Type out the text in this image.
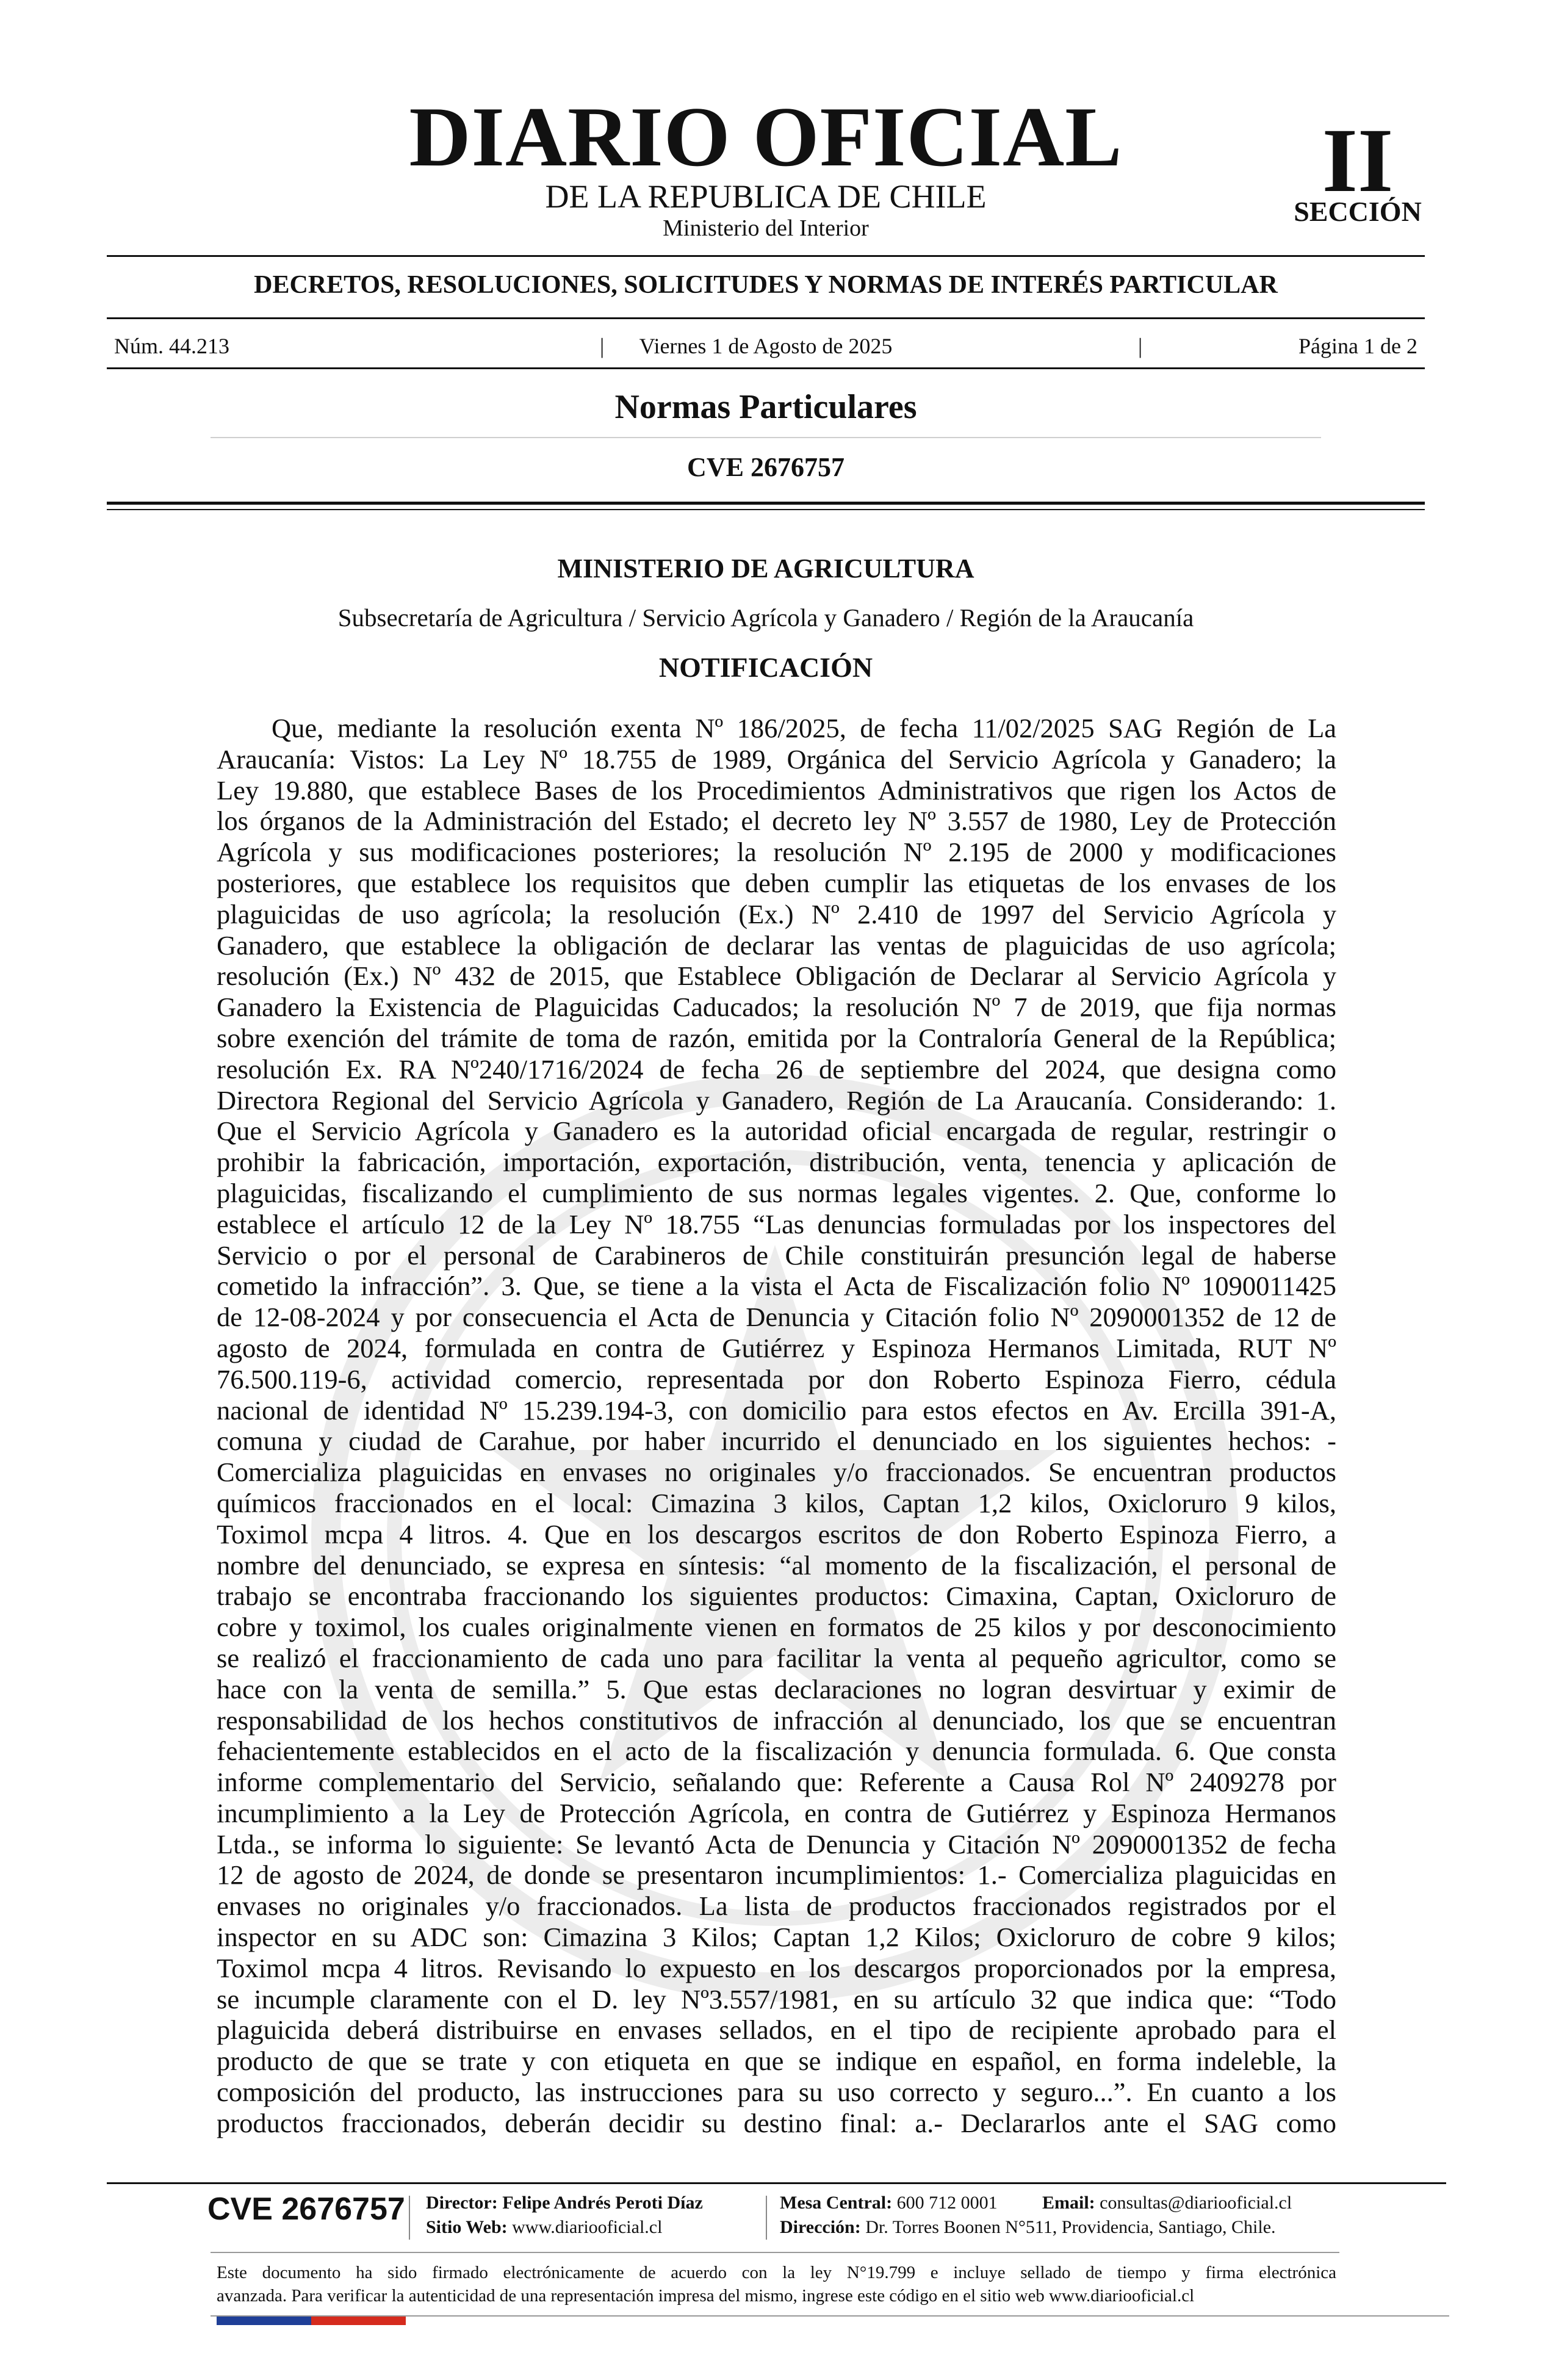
DIARIO OFICIAL
DE LA REPUBLICA DE CHILE
Ministerio del Interior
II
SECCIÓN
DECRETOS, RESOLUCIONES, SOLICITUDES Y NORMAS DE INTERÉS PARTICULAR
Núm. 44.213	|	Viernes 1 de Agosto de 2025	|	Página 1 de 2
Normas Particulares
CVE 2676757
MINISTERIO DE AGRICULTURA
Subsecretaría de Agricultura / Servicio Agrícola y Ganadero / Región de la Araucanía
NOTIFICACIÓN
Que, mediante la resolución exenta Nº 186/2025, de fecha 11/02/2025 SAG Región de La
Araucanía: Vistos: La Ley Nº 18.755 de 1989, Orgánica del Servicio Agrícola y Ganadero; la
Ley 19.880, que establece Bases de los Procedimientos Administrativos que rigen los Actos de
los órganos de la Administración del Estado; el decreto ley Nº 3.557 de 1980, Ley de Protección
Agrícola y sus modificaciones posteriores; la resolución Nº 2.195 de 2000 y modificaciones
posteriores, que establece los requisitos que deben cumplir las etiquetas de los envases de los
plaguicidas de uso agrícola; la resolución (Ex.) Nº 2.410 de 1997 del Servicio Agrícola y
Ganadero, que establece la obligación de declarar las ventas de plaguicidas de uso agrícola;
resolución (Ex.) Nº 432 de 2015, que Establece Obligación de Declarar al Servicio Agrícola y
Ganadero la Existencia de Plaguicidas Caducados; la resolución Nº 7 de 2019, que fija normas
sobre exención del trámite de toma de razón, emitida por la Contraloría General de la República;
resolución Ex. RA Nº240/1716/2024 de fecha 26 de septiembre del 2024, que designa como
Directora Regional del Servicio Agrícola y Ganadero, Región de La Araucanía. Considerando: 1.
Que el Servicio Agrícola y Ganadero es la autoridad oficial encargada de regular, restringir o
prohibir la fabricación, importación, exportación, distribución, venta, tenencia y aplicación de
plaguicidas, fiscalizando el cumplimiento de sus normas legales vigentes. 2. Que, conforme lo
establece el artículo 12 de la Ley Nº 18.755 “Las denuncias formuladas por los inspectores del
Servicio o por el personal de Carabineros de Chile constituirán presunción legal de haberse
cometido la infracción”. 3. Que, se tiene a la vista el Acta de Fiscalización folio Nº 1090011425
de 12-08-2024 y por consecuencia el Acta de Denuncia y Citación folio Nº 2090001352 de 12 de
agosto de 2024, formulada en contra de Gutiérrez y Espinoza Hermanos Limitada, RUT Nº
76.500.119-6, actividad comercio, representada por don Roberto Espinoza Fierro, cédula
nacional de identidad Nº 15.239.194-3, con domicilio para estos efectos en Av. Ercilla 391-A,
comuna y ciudad de Carahue, por haber incurrido el denunciado en los siguientes hechos: -
Comercializa plaguicidas en envases no originales y/o fraccionados. Se encuentran productos
químicos fraccionados en el local: Cimazina 3 kilos, Captan 1,2 kilos, Oxicloruro 9 kilos,
Toximol mcpa 4 litros. 4. Que en los descargos escritos de don Roberto Espinoza Fierro, a
nombre del denunciado, se expresa en síntesis: “al momento de la fiscalización, el personal de
trabajo se encontraba fraccionando los siguientes productos: Cimaxina, Captan, Oxicloruro de
cobre y toximol, los cuales originalmente vienen en formatos de 25 kilos y por desconocimiento
se realizó el fraccionamiento de cada uno para facilitar la venta al pequeño agricultor, como se
hace con la venta de semilla.” 5. Que estas declaraciones no logran desvirtuar y eximir de
responsabilidad de los hechos constitutivos de infracción al denunciado, los que se encuentran
fehacientemente establecidos en el acto de la fiscalización y denuncia formulada. 6. Que consta
informe complementario del Servicio, señalando que: Referente a Causa Rol Nº 2409278 por
incumplimiento a la Ley de Protección Agrícola, en contra de Gutiérrez y Espinoza Hermanos
Ltda., se informa lo siguiente: Se levantó Acta de Denuncia y Citación Nº 2090001352 de fecha
12 de agosto de 2024, de donde se presentaron incumplimientos: 1.- Comercializa plaguicidas en
envases no originales y/o fraccionados. La lista de productos fraccionados registrados por el
inspector en su ADC son: Cimazina 3 Kilos; Captan 1,2 Kilos; Oxicloruro de cobre 9 kilos;
Toximol mcpa 4 litros. Revisando lo expuesto en los descargos proporcionados por la empresa,
se incumple claramente con el D. ley Nº3.557/1981, en su artículo 32 que indica que: “Todo
plaguicida deberá distribuirse en envases sellados, en el tipo de recipiente aprobado para el
producto de que se trate y con etiqueta en que se indique en español, en forma indeleble, la
composición del producto, las instrucciones para su uso correcto y seguro...”. En cuanto a los
productos fraccionados, deberán decidir su destino final: a.- Declararlos ante el SAG como
CVE 2676757 Director: Felipe Andrés Peroti Díaz
Sitio Web: www.diariooficial.cl
Mesa Central: 600 712 0001 Email: consultas@diariooficial.cl
Dirección: Dr. Torres Boonen N°511, Providencia, Santiago, Chile.
Este documento ha sido firmado electrónicamente de acuerdo con la ley N°19.799 e incluye sellado de tiempo y firma electrónica
avanzada. Para verificar la autenticidad de una representación impresa del mismo, ingrese este código en el sitio web www.diariooficial.cl
